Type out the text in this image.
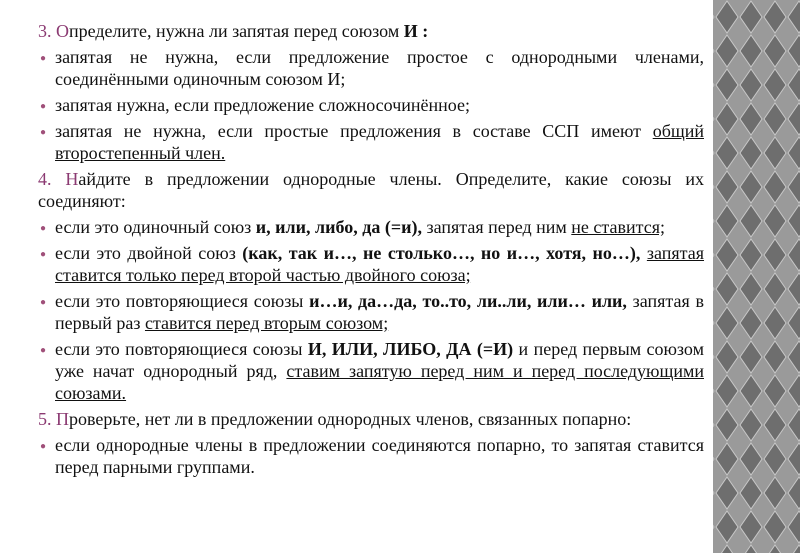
3. Определите, нужна ли запятая перед союзом И :
● запятая не нужна, если предложение простое с однородными членами, соединёнными одиночным союзом И;
● запятая нужна, если предложение сложносочинённое;
● запятая не нужна, если простые предложения в составе ССП имеют общий второстепенный член.
4. Найдите в предложении однородные члены. Определите, какие союзы их соединяют:
● если это одиночный союз и, или, либо, да (=и), запятая перед ним не ставится;
● если это двойной союз (как, так и…, не столько…, но и…, хотя, но…), запятая ставится только перед второй частью двойного союза;
● если это повторяющиеся союзы и…и, да…да, то..то, ли..ли, или… или, запятая в первый раз ставится перед вторым союзом;
● если это повторяющиеся союзы И, ИЛИ, ЛИБО, ДА (=И) и перед первым союзом уже начат однородный ряд, ставим запятую перед ним и перед последующими союзами.
5. Проверьте, нет ли в предложении однородных членов, связанных попарно:
● если однородные члены в предложении соединяются попарно, то запятая ставится перед парными группами.
